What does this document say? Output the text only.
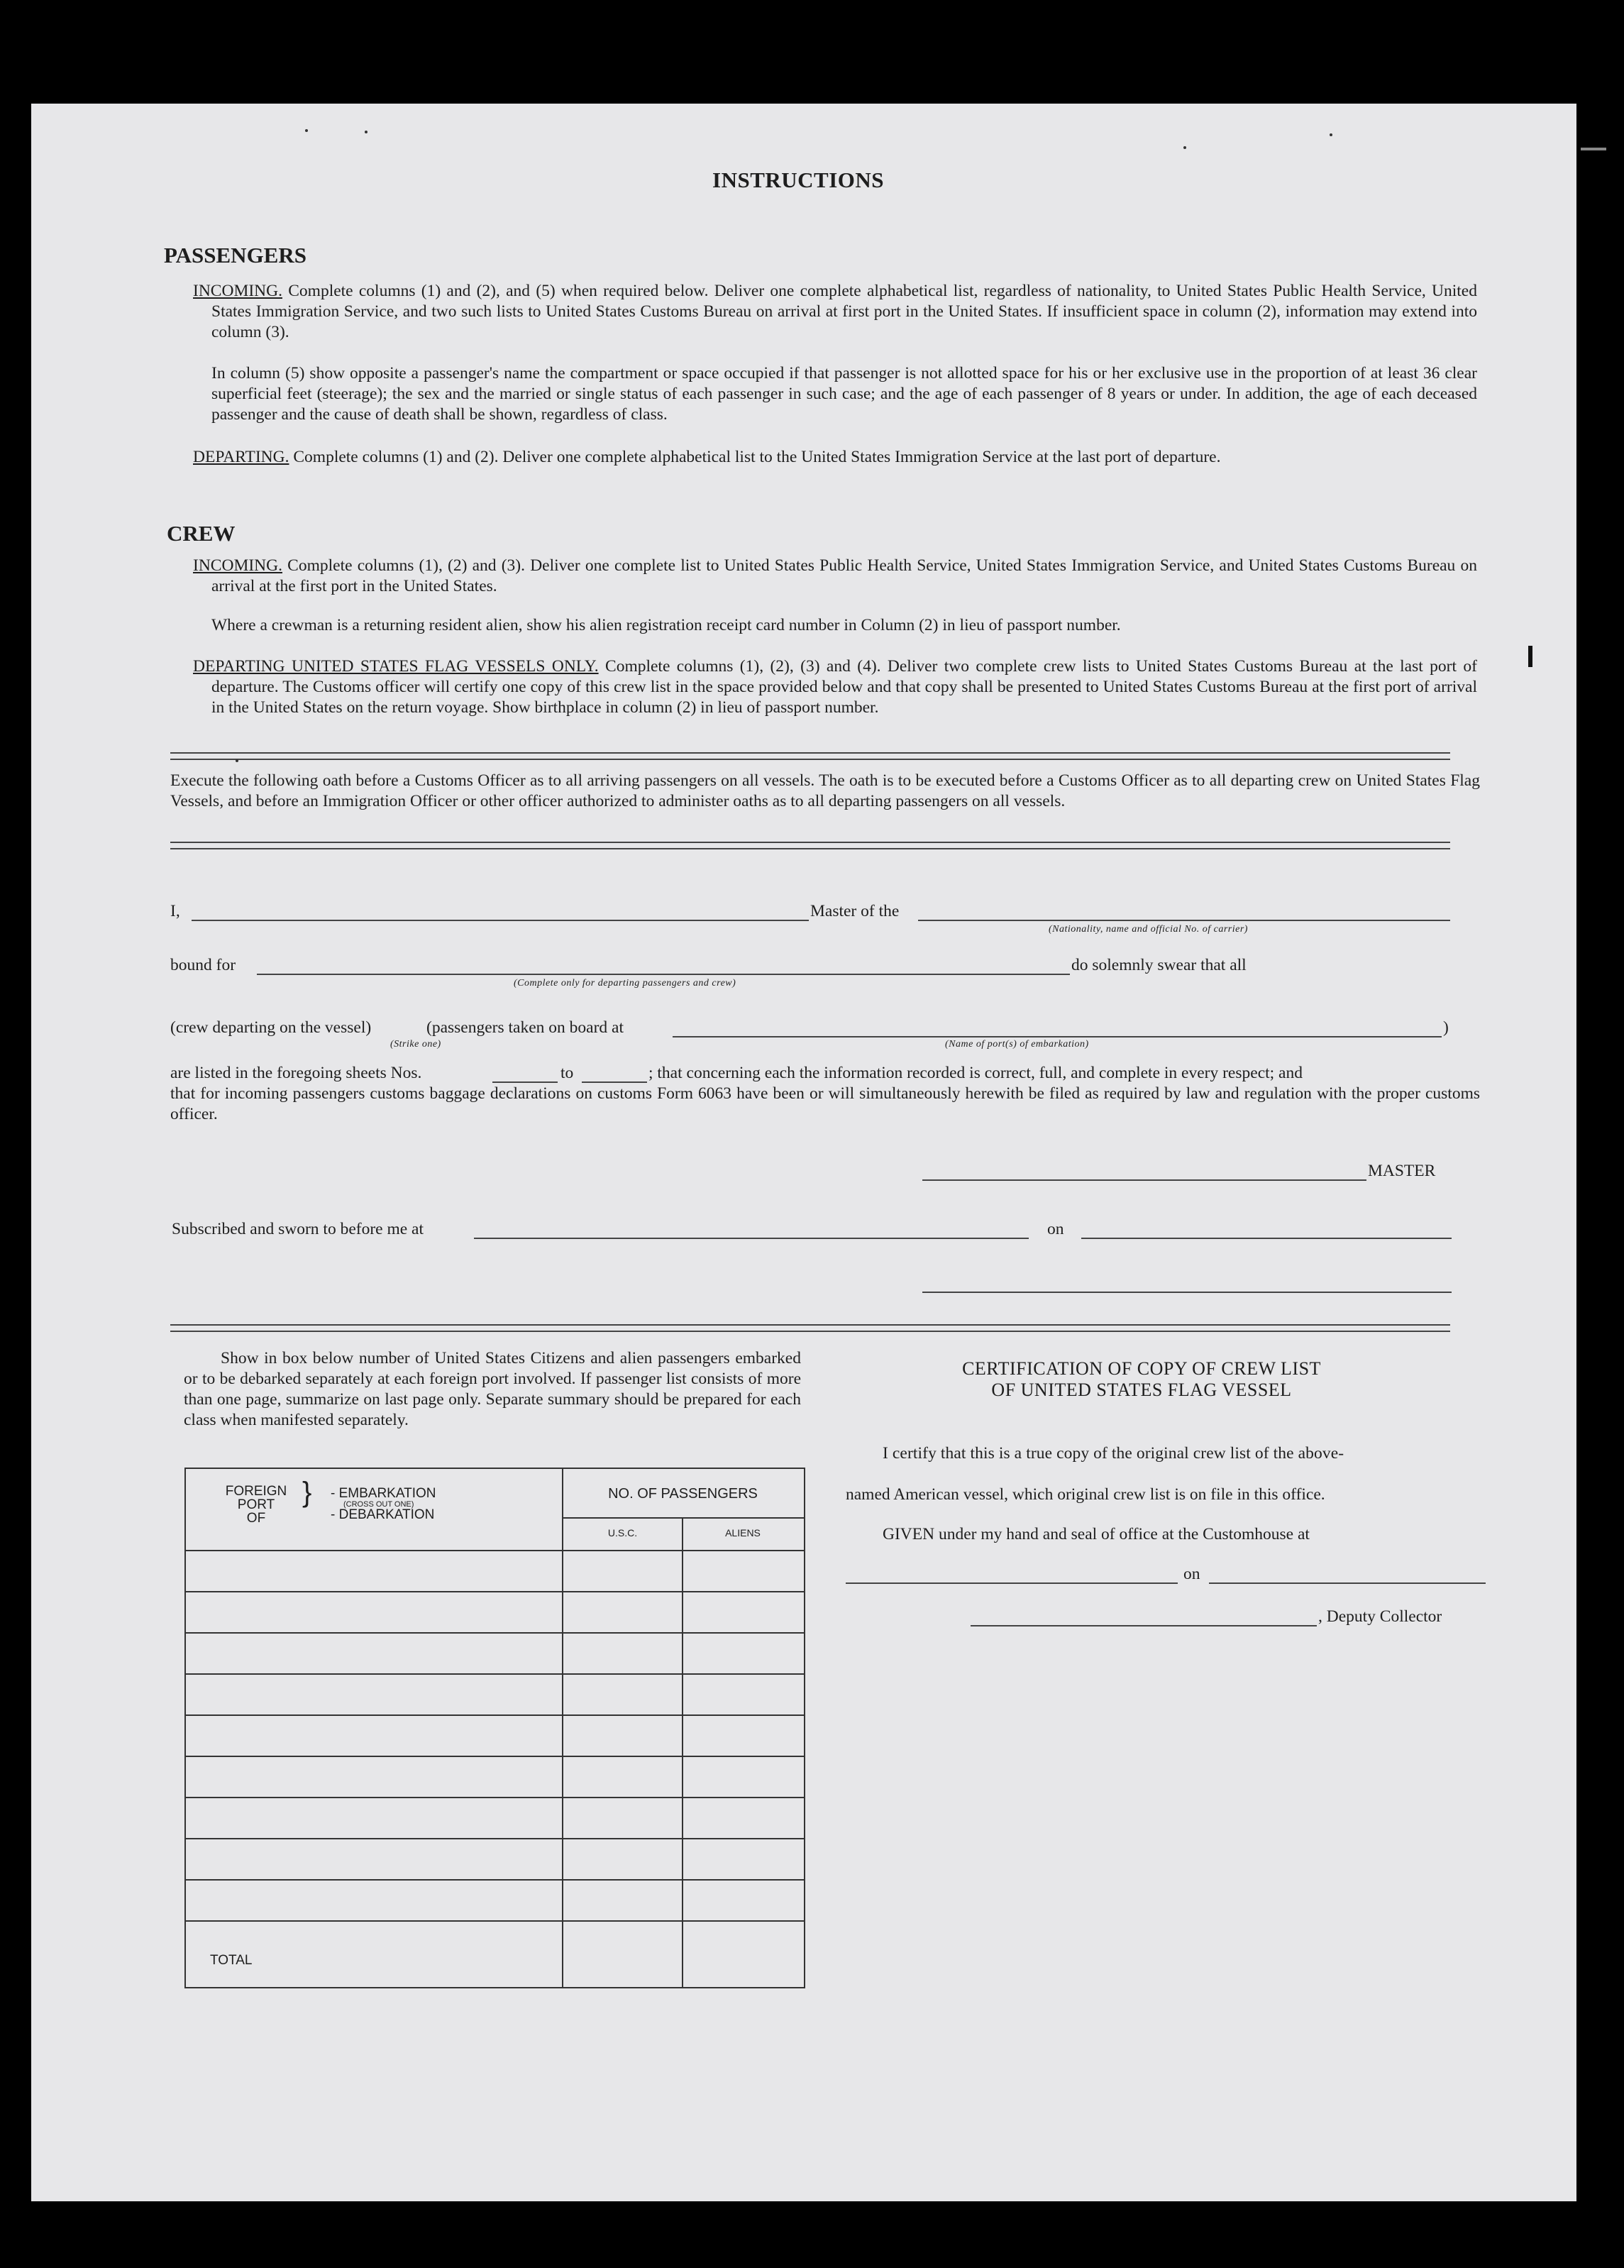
INSTRUCTIONS
PASSENGERS
INCOMING. Complete columns (1) and (2), and (5) when required below. Deliver one complete alphabetical list, regardless of nationality, to United States Public Health Service, United States Immigration Service, and two such lists to United States Customs Bureau on arrival at first port in the United States. If insufficient space in column (2), information may extend into column (3).
In column (5) show opposite a passenger's name the compartment or space occupied if that passenger is not allotted space for his or her exclusive use in the proportion of at least 36 clear superficial feet (steerage); the sex and the married or single status of each passenger in such case; and the age of each passenger of 8 years or under. In addition, the age of each deceased passenger and the cause of death shall be shown, regardless of class.
DEPARTING. Complete columns (1) and (2). Deliver one complete alphabetical list to the United States Immigration Service at the last port of departure.
CREW
INCOMING. Complete columns (1), (2) and (3). Deliver one complete list to United States Public Health Service, United States Immigration Service, and United States Customs Bureau on arrival at the first port in the United States.
Where a crewman is a returning resident alien, show his alien registration receipt card number in Column (2) in lieu of passport number.
DEPARTING UNITED STATES FLAG VESSELS ONLY. Complete columns (1), (2), (3) and (4). Deliver two complete crew lists to United States Customs Bureau at the last port of departure. The Customs officer will certify one copy of this crew list in the space provided below and that copy shall be presented to United States Customs Bureau at the first port of arrival in the United States on the return voyage. Show birthplace in column (2) in lieu of passport number.
Execute the following oath before a Customs Officer as to all arriving passengers on all vessels. The oath is to be executed before a Customs Officer as to all departing crew on United States Flag Vessels, and before an Immigration Officer or other officer authorized to administer oaths as to all departing passengers on all vessels.
I,	Master of the
(Nationality, name and official No. of carrier)
bound for	do solemnly swear that all
(Complete only for departing passengers and crew)
(crew departing on the vessel)	(passengers taken on board at	)
(Strike one)	(Name of port(s) of embarkation)
are listed in the foregoing sheets Nos.	to	; that concerning each the information recorded is correct, full, and complete in every respect; and
that for incoming passengers customs baggage declarations on customs Form 6063 have been or will simultaneously herewith be filed as required by law and regulation with the proper customs officer.
MASTER
Subscribed and sworn to before me at	on
Show in box below number of United States Citizens and alien passengers embarked or to be debarked separately at each foreign port involved. If passenger list consists of more than one page, summarize on last page only. Separate summary should be prepared for each class when manifested separately.
FOREIGN
PORT
OF
} - EMBARKATION
(CROSS OUT ONE)
- DEBARKATION
NO. OF PASSENGERS
U.S.C.	ALIENS
TOTAL
CERTIFICATION OF COPY OF CREW LIST
OF UNITED STATES FLAG VESSEL
I certify that this is a true copy of the original crew list of the above-
named American vessel, which original crew list is on file in this office.
GIVEN under my hand and seal of office at the Customhouse at
on
, Deputy Collector
